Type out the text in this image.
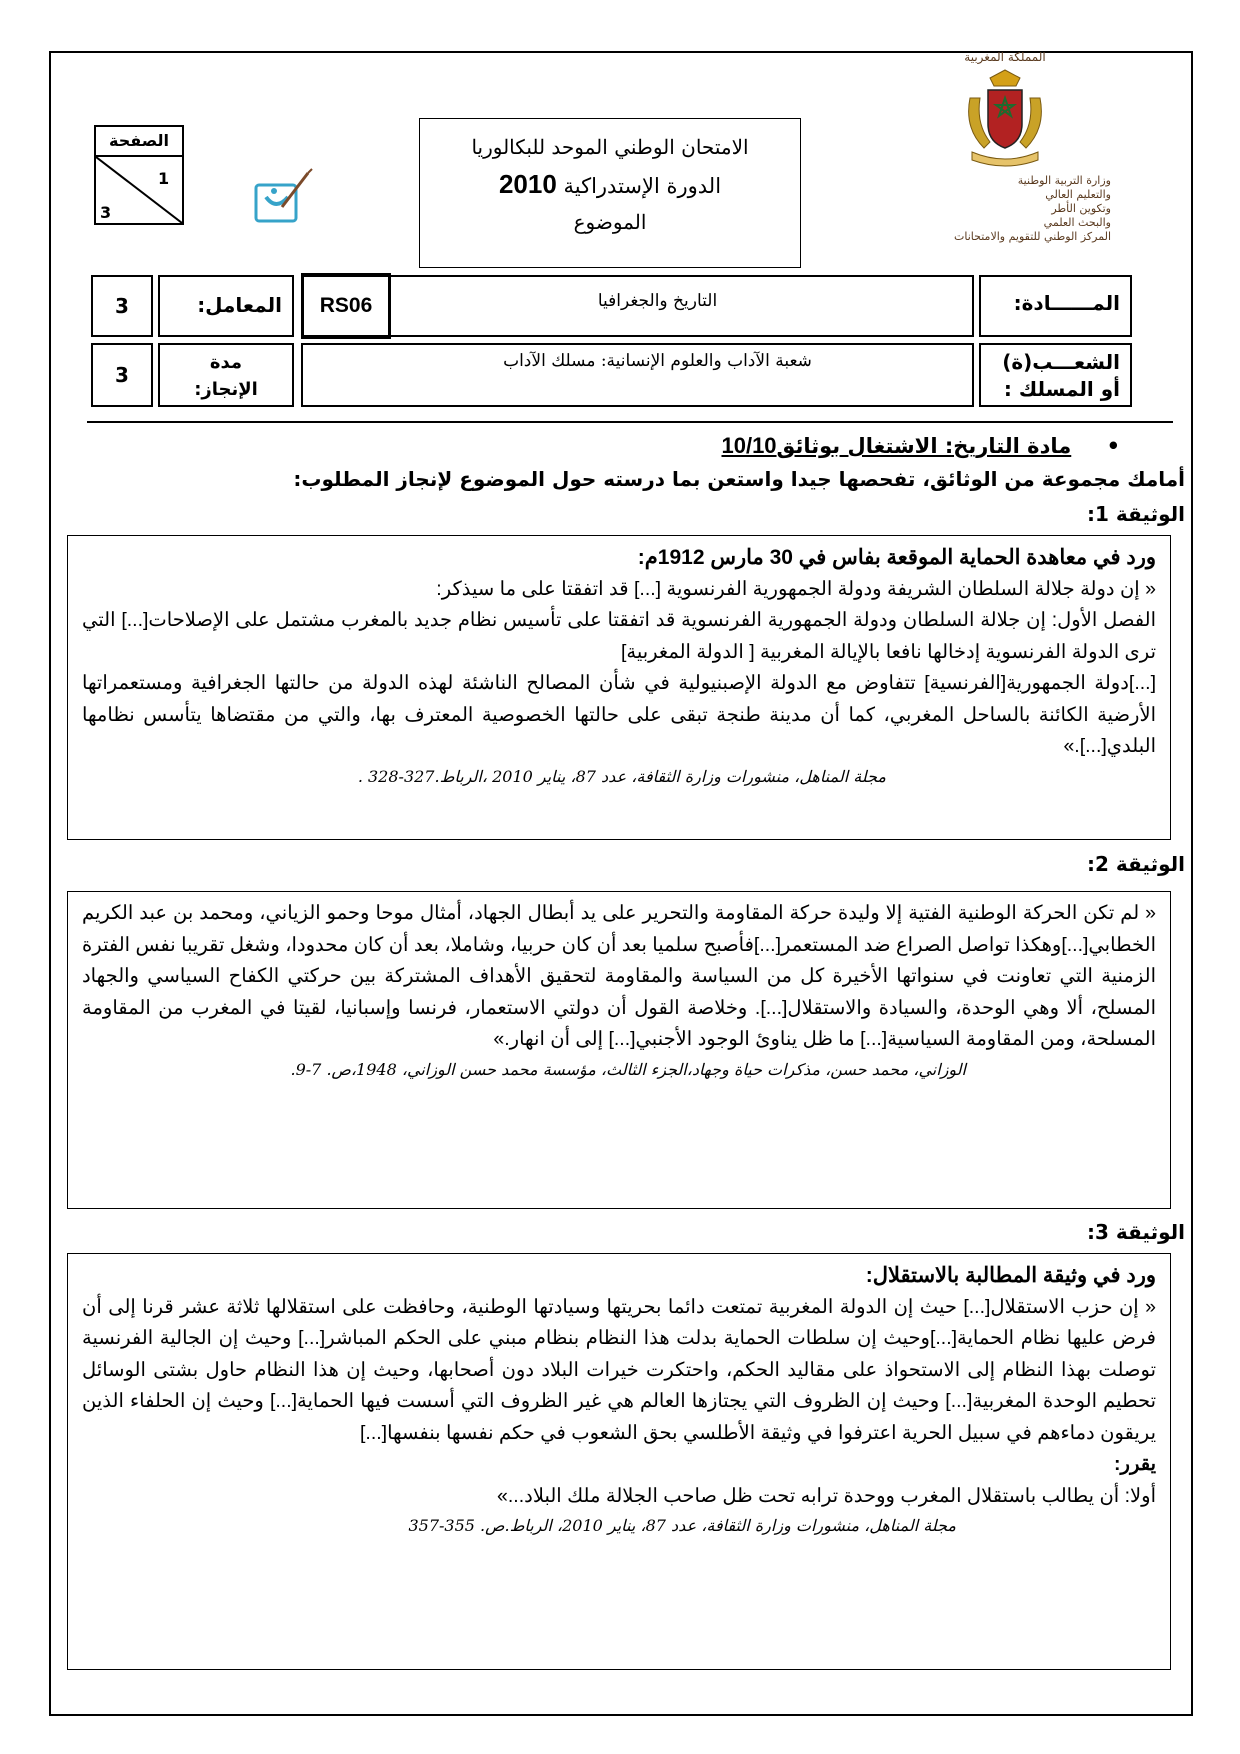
الصفحة
1
3
الامتحان الوطني الموحد للبكالوريا
الدورة الإستدراكية 2010
الموضوع
المملكة المغربية
وزارة التربية الوطنية
والتعليم العالي
وتكوين الأطر
والبحث العلمي
المركز الوطني للتقويم والامتحانات
المــــــادة:
التاريخ والجغرافيا
RS06
المعامل:
3
الشعـــب(ة)
أو المسلك :
شعبة الآداب والعلوم الإنسانية: مسلك الآداب
مدة
الإنجاز:
3
• مادة التاريخ: الاشتغال بوثائق10/10
أمامك مجموعة من الوثائق، تفحصها جيدا واستعن بما درسته حول الموضوع لإنجاز المطلوب:
الوثيقة 1:
ورد في معاهدة الحماية الموقعة بفاس في 30 مارس 1912م:
« إن دولة جلالة السلطان الشريفة ودولة الجمهورية الفرنسوية [...] قد اتفقتا على ما سيذكر:
الفصل الأول: إن جلالة السلطان ودولة الجمهورية الفرنسوية قد اتفقتا على تأسيس نظام جديد بالمغرب مشتمل على الإصلاحات[...] التي ترى الدولة الفرنسوية إدخالها نافعا بالإيالة المغربية [ الدولة المغربية]
[...]دولة الجمهورية[الفرنسية] تتفاوض مع الدولة الإصبنيولية في شأن المصالح الناشئة لهذه الدولة من حالتها الجغرافية ومستعمراتها الأرضية الكائنة بالساحل المغربي، كما أن مدينة طنجة تبقى على حالتها الخصوصية المعترف بها، والتي من مقتضاها يتأسس نظامها البلدي[...].»
مجلة المناهل، منشورات وزارة الثقافة، عدد 87، يناير 2010 ،الرباط.327-328 .
الوثيقة 2:
« لم تكن الحركة الوطنية الفتية إلا وليدة حركة المقاومة والتحرير على يد أبطال الجهاد، أمثال موحا وحمو الزياني، ومحمد بن عبد الكريم الخطابي[...]وهكذا تواصل الصراع ضد المستعمر[...]فأصبح سلميا بعد أن كان حربيا، وشاملا، بعد أن كان محدودا، وشغل تقريبا نفس الفترة الزمنية التي تعاونت في سنواتها الأخيرة كل من السياسة والمقاومة لتحقيق الأهداف المشتركة بين حركتي الكفاح السياسي والجهاد المسلح، ألا وهي الوحدة، والسيادة والاستقلال[...]. وخلاصة القول أن دولتي الاستعمار، فرنسا وإسبانيا، لقيتا في المغرب من المقاومة المسلحة، ومن المقاومة السياسية[...] ما ظل يناوئ الوجود الأجنبي[...] إلى أن انهار.»
الوزاني، محمد حسن، مذكرات حياة وجهاد،الجزء الثالث، مؤسسة محمد حسن الوزاني، 1948،ص. 7-9.
الوثيقة 3:
ورد في وثيقة المطالبة بالاستقلال:
« إن حزب الاستقلال[...] حيث إن الدولة المغربية تمتعت دائما بحريتها وسيادتها الوطنية، وحافظت على استقلالها ثلاثة عشر قرنا إلى أن فرض عليها نظام الحماية[...]وحيث إن سلطات الحماية بدلت هذا النظام بنظام مبني على الحكم المباشر[...] وحيث إن الجالية الفرنسية توصلت بهذا النظام إلى الاستحواذ على مقاليد الحكم، واحتكرت خيرات البلاد دون أصحابها، وحيث إن هذا النظام حاول بشتى الوسائل تحطيم الوحدة المغربية[...] وحيث إن الظروف التي يجتازها العالم هي غير الظروف التي أسست فيها الحماية[...] وحيث إن الحلفاء الذين يريقون دماءهم في سبيل الحرية اعترفوا في وثيقة الأطلسي بحق الشعوب في حكم نفسها بنفسها[...]
يقرر:
أولا: أن يطالب باستقلال المغرب ووحدة ترابه تحت ظل صاحب الجلالة ملك البلاد...»
مجلة المناهل، منشورات وزارة الثقافة، عدد 87، يناير 2010، الرباط.ص. 355-357
